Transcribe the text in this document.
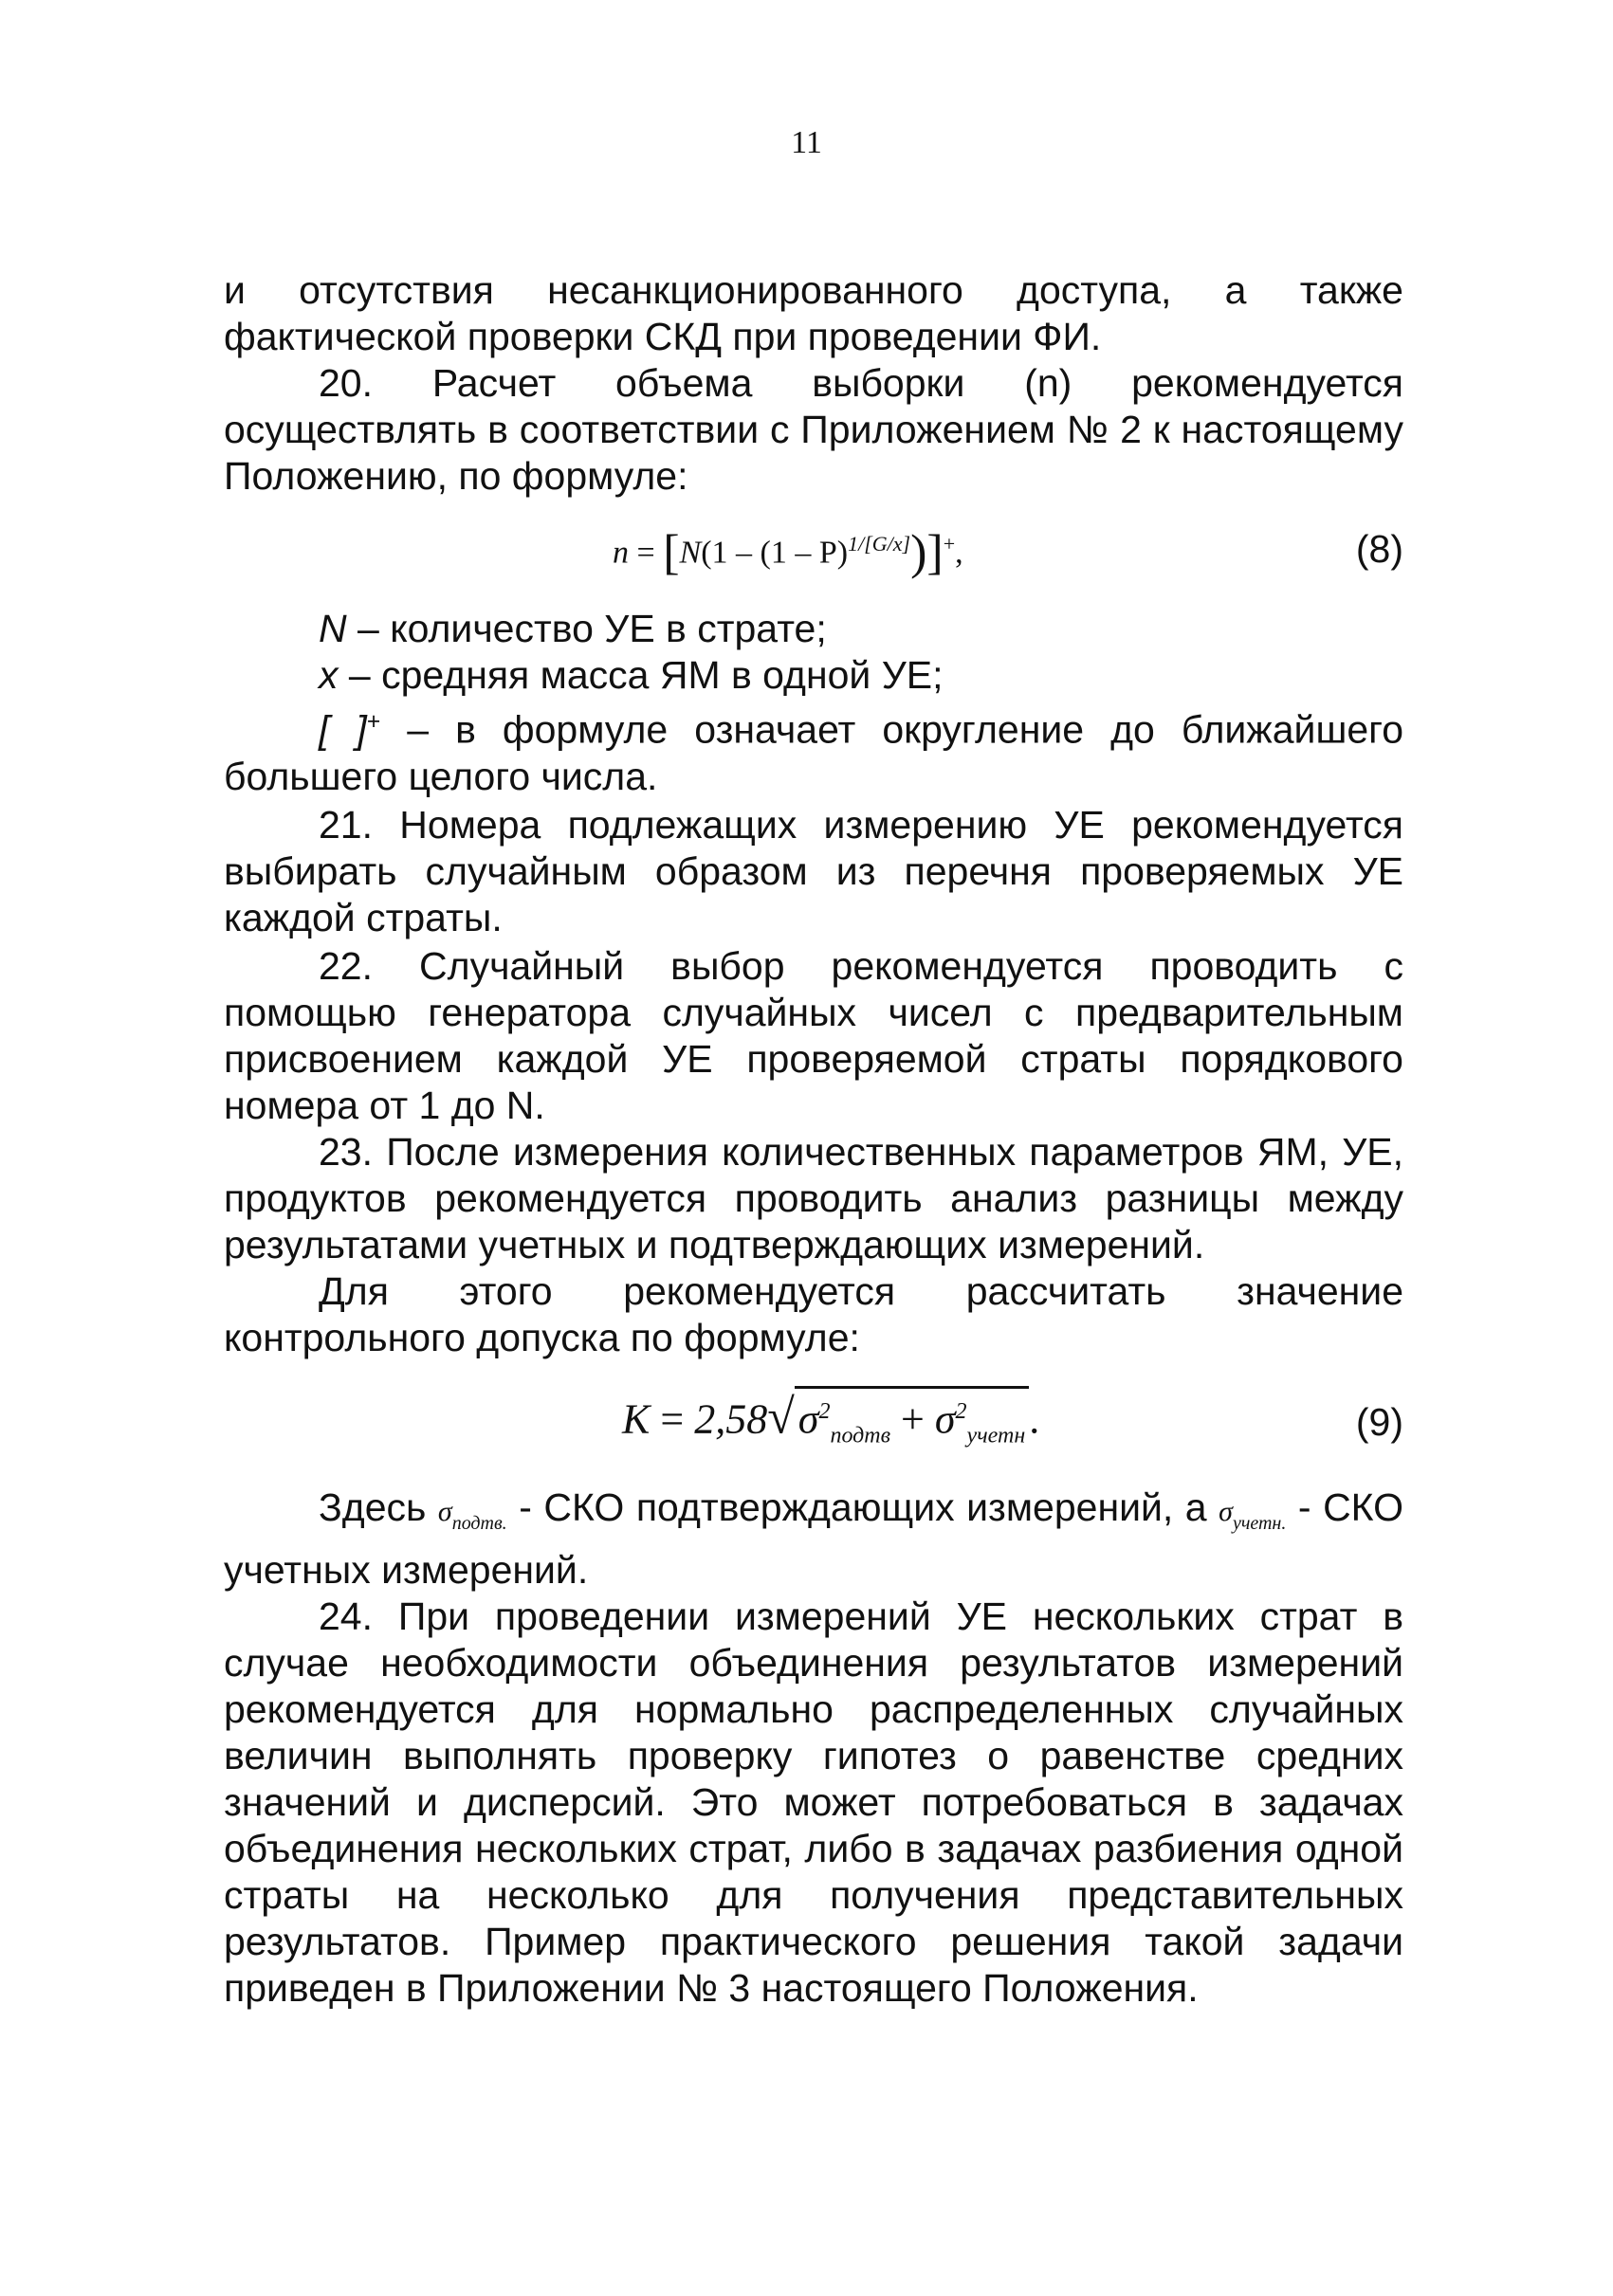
11

и отсутствия несанкционированного доступа, а также фактической проверки СКД при проведении ФИ.

20. Расчет объема выборки (n) рекомендуется осуществлять в соответствии с Приложением № 2 к настоящему Положению, по формуле:

n = [N(1 – (1 – P)$^{1/[G/x]}$)]+,	(8)

N – количество УЕ в страте;

x – средняя масса ЯМ в одной УЕ;

[ ]+ – в формуле означает округление до ближайшего большего целого числа.

21. Номера подлежащих измерению УЕ рекомендуется выбирать случайным образом из перечня проверяемых УЕ каждой страты.

22. Случайный выбор рекомендуется проводить с помощью генератора случайных чисел с предварительным присвоением каждой УЕ проверяемой страты порядкового номера от 1 до N.

23. После измерения количественных параметров ЯМ, УЕ, продуктов рекомендуется проводить анализ разницы между результатами учетных и подтверждающих измерений.

Для этого рекомендуется рассчитать значение контрольного допуска по формуле:

$K = 2,58√\sigma^2_{подтв} + \sigma^2_{учетн}$.	(9)

Здесь $\sigma_{подтв.}$ - СКО подтверждающих измерений, а $\sigma_{учетн.}$ - СКО учетных измерений.

24. При проведении измерений УЕ нескольких страт в случае необходимости объединения результатов измерений рекомендуется для нормально распределенных случайных величин выполнять проверку гипотез о равенстве средних значений и дисперсий. Это может потребоваться в задачах объединения нескольких страт, либо в задачах разбиения одной страты на несколько для получения представительных результатов. Пример практического решения такой задачи приведен в Приложении № 3 настоящего Положения.
